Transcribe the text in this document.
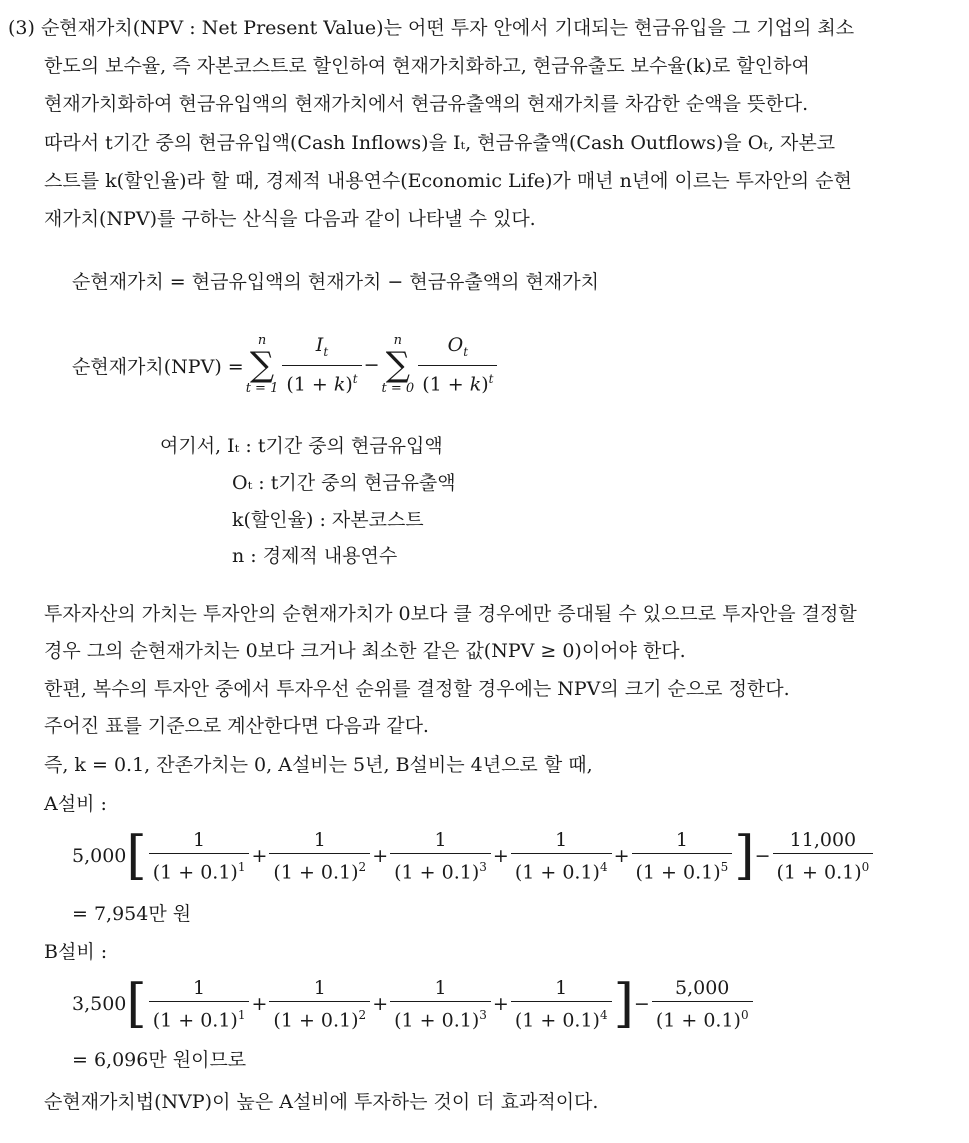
(3) 순현재가치(NPV : Net Present Value)는 어떤 투자 안에서 기대되는 현금유입을 그 기업의 최소
한도의 보수율, 즉 자본코스트로 할인하여 현재가치화하고, 현금유출도 보수율(k)로 할인하여
현재가치화하여 현금유입액의 현재가치에서 현금유출액의 현재가치를 차감한 순액을 뜻한다.
따라서 t기간 중의 현금유입액(Cash Inflows)을 Iₜ, 현금유출액(Cash Outflows)을 Oₜ, 자본코
스트를 k(할인율)라 할 때, 경제적 내용연수(Economic Life)가 매년 n년에 이르는 투자안의 순현
재가치(NPV)를 구하는 산식을 다음과 같이 나타낼 수 있다.
순현재가치 = 현금유입액의 현재가치 − 현금유출액의 현재가치
순현재가치(NPV) =
n
∑
$t = 1 \frac{I_t}{(1 + k)^t}$ −
n
∑
$t = 0 \frac{O_t}{(1 + k)^t}$
여기서, Iₜ : t기간 중의 현금유입액
Oₜ : t기간 중의 현금유출액
k(할인율) : 자본코스트
n : 경제적 내용연수
투자자산의 가치는 투자안의 순현재가치가 0보다 클 경우에만 증대될 수 있으므로 투자안을 결정할
경우 그의 순현재가치는 0보다 크거나 최소한 같은 값(NPV ≥ 0)이어야 한다.
한편, 복수의 투자안 중에서 투자우선 순위를 결정할 경우에는 NPV의 크기 순으로 정한다.
주어진 표를 기준으로 계산한다면 다음과 같다.
즉, k = 0.1, 잔존가치는 0, A설비는 5년, B설비는 4년으로 할 때,
A설비 :
5,000 [ $\frac{1}{(1 + 0.1)^1} + \frac{1}{(1 + 0.1)^2} + \frac{1}{(1 + 0.1)^3} + \frac{1}{(1 + 0.1)^4} + \frac{1}{(1 + 0.1)^5}$ ] − $\frac{11,000}{(1 + 0.1)^0}$
= 7,954만 원
B설비 :
3,500 [ $\frac{1}{(1 + 0.1)^1} + \frac{1}{(1 + 0.1)^2} + \frac{1}{(1 + 0.1)^3} + \frac{1}{(1 + 0.1)^4}$ ] − $\frac{5,000}{(1 + 0.1)^0}$
= 6,096만 원이므로
순현재가치법(NVP)이 높은 A설비에 투자하는 것이 더 효과적이다.
